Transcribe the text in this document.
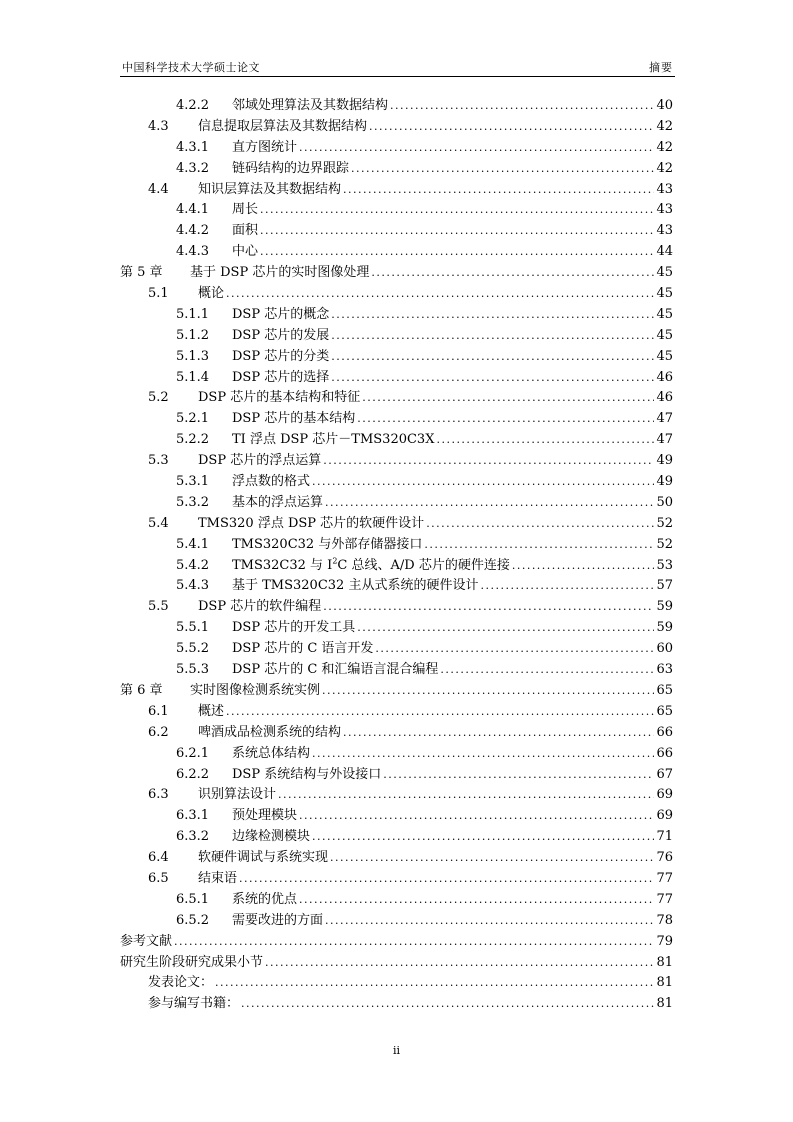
中国科学技术大学硕士论文	摘要
4.2.2 邻域处理算法及其数据结构 .....	40
4.3 信息提取层算法及其数据结构 .....	42
4.3.1 直方图统计 .....	42
4.3.2 链码结构的边界跟踪 .....	42
4.4 知识层算法及其数据结构 .....	43
4.4.1 周长 .....	43
4.4.2 面积 .....	43
4.4.3 中心 .....	44
第 5 章 基于 DSP 芯片的实时图像处理 .....	45
5.1 概论 .....	45
5.1.1 DSP 芯片的概念 .....	45
5.1.2 DSP 芯片的发展 .....	45
5.1.3 DSP 芯片的分类 .....	45
5.1.4 DSP 芯片的选择 .....	46
5.2 DSP 芯片的基本结构和特征 .....	46
5.2.1 DSP 芯片的基本结构 .....	47
5.2.2 TI 浮点 DSP 芯片－TMS320C3X .....	47
5.3 DSP 芯片的浮点运算 .....	49
5.3.1 浮点数的格式 .....	49
5.3.2 基本的浮点运算 .....	50
5.4 TMS320 浮点 DSP 芯片的软硬件设计 .....	52
5.4.1 TMS320C32 与外部存储器接口 .....	52
5.4.2 TMS32C32 与 $I^2C$ 总线、A/D 芯片的硬件连接 .....	53
5.4.3 基于 TMS320C32 主从式系统的硬件设计 .....	57
5.5 DSP 芯片的软件编程 .....	59
5.5.1 DSP 芯片的开发工具 .....	59
5.5.2 DSP 芯片的 C 语言开发 .....	60
5.5.3 DSP 芯片的 C 和汇编语言混合编程 .....	63
第 6 章 实时图像检测系统实例 .....	65
6.1 概述 .....	65
6.2 啤酒成品检测系统的结构 .....	66
6.2.1 系统总体结构 .....	66
6.2.2 DSP 系统结构与外设接口 .....	67
6.3 识别算法设计 .....	69
6.3.1 预处理模块 .....	69
6.3.2 边缘检测模块 .....	71
6.4 软硬件调试与系统实现 .....	76
6.5 结束语 .....	77
6.5.1 系统的优点 .....	77
6.5.2 需要改进的方面 .....	78
参考文献 .....	79
研究生阶段研究成果小节 .....	81
发表论文： .....	81
参与编写书籍： .....	81
ii
